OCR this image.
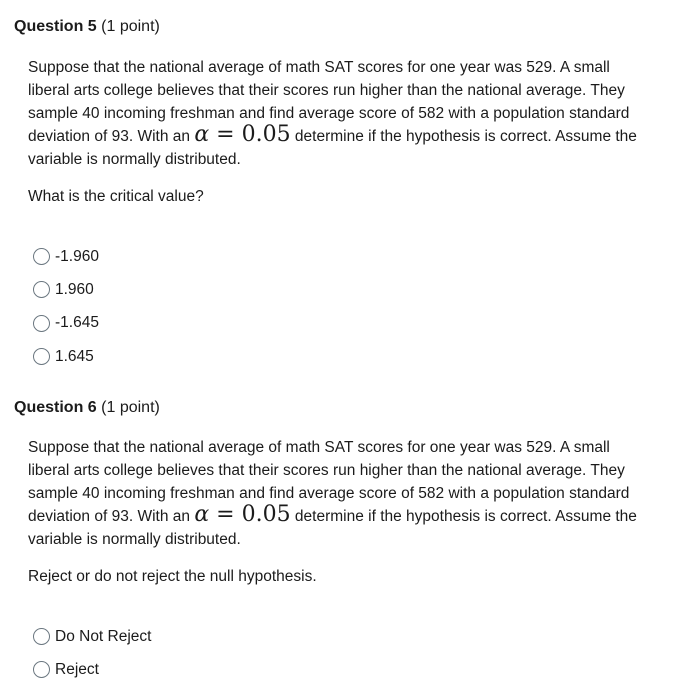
Question 5 (1 point)
Suppose that the national average of math SAT scores for one year was 529. A small liberal arts college believes that their scores run higher than the national average. They sample 40 incoming freshman and find average score of 582 with a population standard deviation of 93. With an α = 0.05 determine if the hypothesis is correct. Assume the variable is normally distributed.
What is the critical value?
-1.960
1.960
-1.645
1.645
Question 6 (1 point)
Suppose that the national average of math SAT scores for one year was 529. A small liberal arts college believes that their scores run higher than the national average. They sample 40 incoming freshman and find average score of 582 with a population standard deviation of 93. With an α = 0.05 determine if the hypothesis is correct. Assume the variable is normally distributed.
Reject or do not reject the null hypothesis.
Do Not Reject
Reject
